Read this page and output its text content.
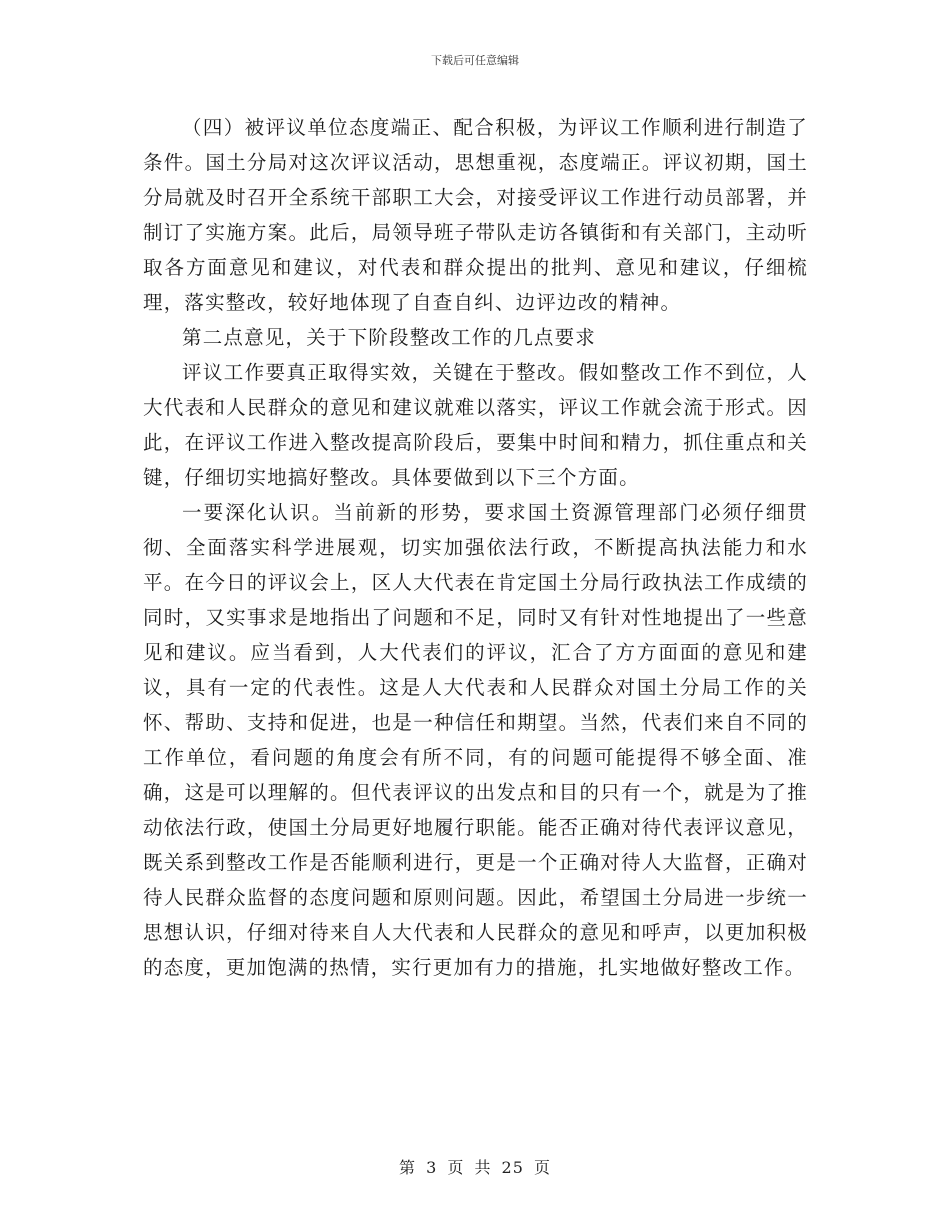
下载后可任意编辑

（四）被评议单位态度端正、配合积极，为评议工作顺利进行制造了条件。国土分局对这次评议活动，思想重视，态度端正。评议初期，国土分局就及时召开全系统干部职工大会，对接受评议工作进行动员部署，并制订了实施方案。此后，局领导班子带队走访各镇街和有关部门，主动听取各方面意见和建议，对代表和群众提出的批判、意见和建议，仔细梳理，落实整改，较好地体现了自查自纠、边评边改的精神。

第二点意见，关于下阶段整改工作的几点要求

评议工作要真正取得实效，关键在于整改。假如整改工作不到位，人大代表和人民群众的意见和建议就难以落实，评议工作就会流于形式。因此，在评议工作进入整改提高阶段后，要集中时间和精力，抓住重点和关键，仔细切实地搞好整改。具体要做到以下三个方面。

一要深化认识。当前新的形势，要求国土资源管理部门必须仔细贯彻、全面落实科学进展观，切实加强依法行政，不断提高执法能力和水平。在今日的评议会上，区人大代表在肯定国土分局行政执法工作成绩的同时，又实事求是地指出了问题和不足，同时又有针对性地提出了一些意见和建议。应当看到，人大代表们的评议，汇合了方方面面的意见和建议，具有一定的代表性。这是人大代表和人民群众对国土分局工作的关怀、帮助、支持和促进，也是一种信任和期望。当然，代表们来自不同的工作单位，看问题的角度会有所不同，有的问题可能提得不够全面、准确，这是可以理解的。但代表评议的出发点和目的只有一个，就是为了推动依法行政，使国土分局更好地履行职能。能否正确对待代表评议意见，既关系到整改工作是否能顺利进行，更是一个正确对待人大监督，正确对待人民群众监督的态度问题和原则问题。因此，希望国土分局进一步统一思想认识，仔细对待来自人大代表和人民群众的意见和呼声，以更加积极的态度，更加饱满的热情，实行更加有力的措施，扎实地做好整改工作。

第 3 页 共 25 页
